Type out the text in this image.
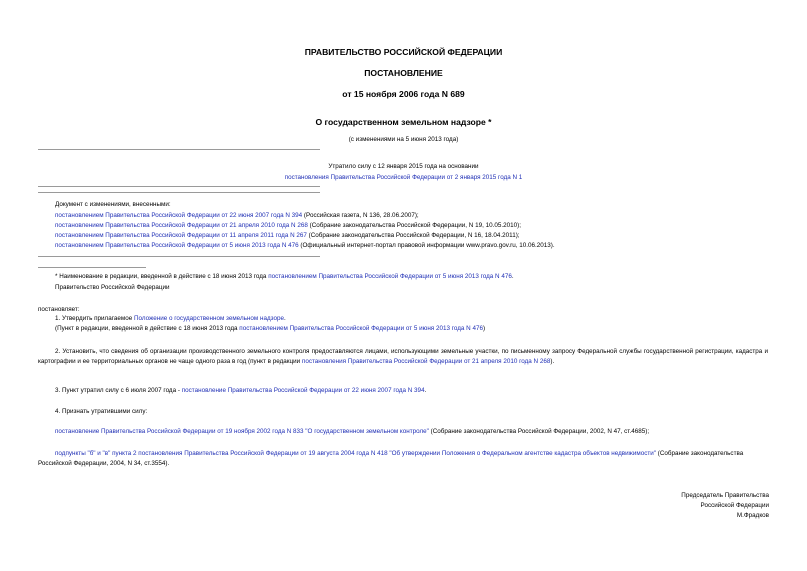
ПРАВИТЕЛЬСТВО РОССИЙСКОЙ ФЕДЕРАЦИИ
ПОСТАНОВЛЕНИЕ
от 15 ноября 2006 года N 689
О государственном земельном надзоре *
(с изменениями на 5 июня 2013 года)
Утратило силу с 12 января 2015 года на основании
постановления Правительства Российской Федерации от 2 января 2015 года N 1
Документ с изменениями, внесенными:
постановлением Правительства Российской Федерации от 22 июня 2007 года N 394 (Российская газета, N 136, 28.06.2007);
постановлением Правительства Российской Федерации от 21 апреля 2010 года N 268 (Собрание законодательства Российской Федерации, N 19, 10.05.2010);
постановлением Правительства Российской Федерации от 11 апреля 2011 года N 267 (Собрание законодательства Российской Федерации, N 16, 18.04.2011);
постановлением Правительства Российской Федерации от 5 июня 2013 года N 476 (Официальный интернет-портал правовой информации www.pravo.gov.ru, 10.06.2013).
* Наименование в редакции, введенной в действие с 18 июня 2013 года постановлением Правительства Российской Федерации от 5 июня 2013 года N 476.
Правительство Российской Федерации
постановляет:
1. Утвердить прилагаемое Положение о государственном земельном надзоре.
(Пункт в редакции, введенной в действие с 18 июня 2013 года постановлением Правительства Российской Федерации от 5 июня 2013 года N 476)
2. Установить, что сведения об организации производственного земельного контроля предоставляются лицами, использующими земельные участки, по письменному запросу Федеральной службы государственной регистрации, кадастра и картографии и ее территориальных органов не чаще одного раза в год (пункт в редакции постановления Правительства Российской Федерации от 21 апреля 2010 года N 268).
3. Пункт утратил силу с 6 июля 2007 года - постановление Правительства Российской Федерации от 22 июня 2007 года N 394.
4. Признать утратившими силу:
постановление Правительства Российской Федерации от 19 ноября 2002 года N 833 "О государственном земельном контроле" (Собрание законодательства Российской Федерации, 2002, N 47, ст.4685);
подпункты "б" и "в" пункта 2 постановления Правительства Российской Федерации от 19 августа 2004 года N 418 "Об утверждении Положения о Федеральном агентстве кадастра объектов недвижимости" (Собрание законодательства Российской Федерации, 2004, N 34, ст.3554).
Председатель Правительства
Российской Федерации
М.Фрадков
